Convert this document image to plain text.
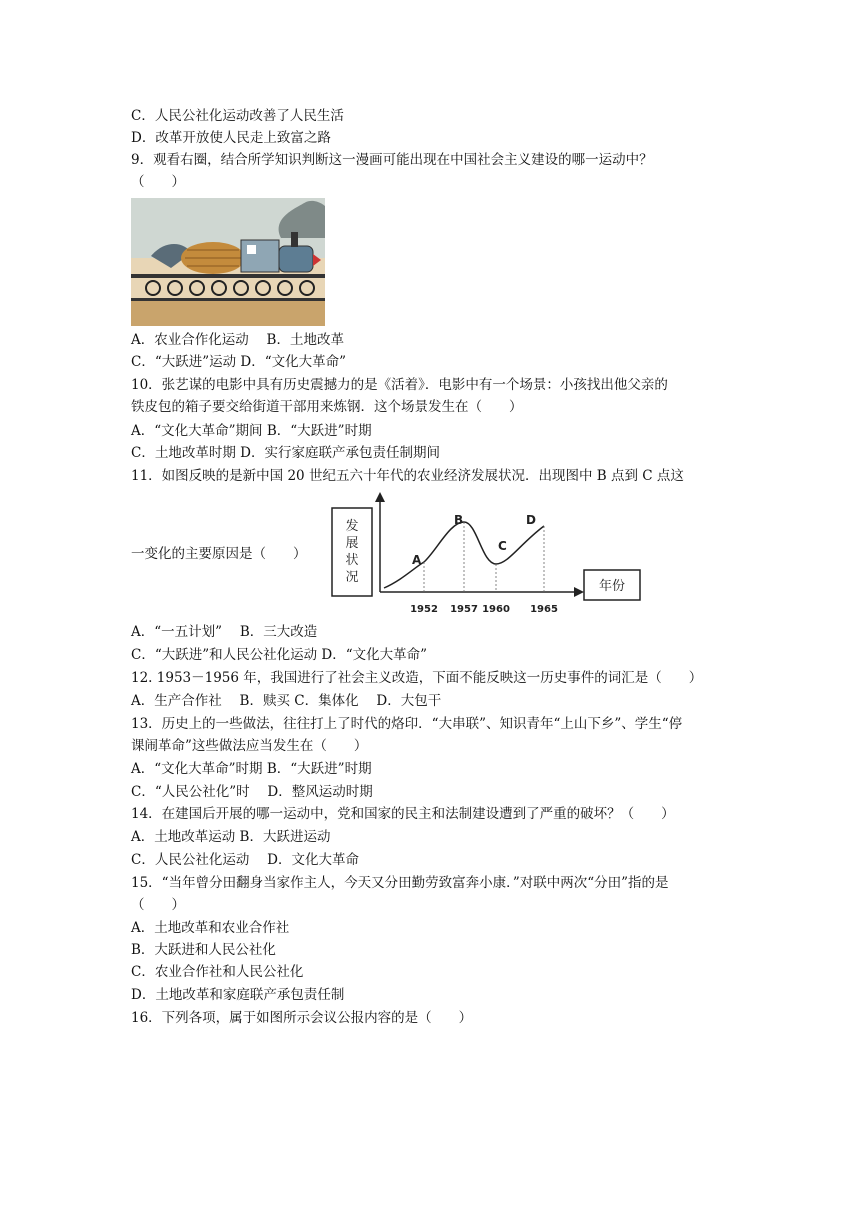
C．人民公社化运动改善了人民生活
D．改革开放使人民走上致富之路
9．观看右圈，结合所学知识判断这一漫画可能出现在中国社会主义建设的哪一运动中？
（　　）
A．农业合作化运动　 B．土地改革
C．“大跃进”运动 D．“文化大革命”
10．张艺谋的电影中具有历史震撼力的是《活着》．电影中有一个场景：小孩找出他父亲的
铁皮包的箱子要交给街道干部用来炼钢．这个场景发生在（　　）
A．“文化大革命”期间 B．“大跃进”时期
C．土地改革时期 D．实行家庭联产承包责任制期间
11．如图反映的是新中国 20 世纪五六十年代的农业经济发展状况．出现图中 B 点到 C 点这
一变化的主要原因是（　　）
发
展
状
况
年份
A
B
C
D
1952 1957 1960 1965
A．“一五计划”　 B．三大改造
C．“大跃进”和人民公社化运动 D．“文化大革命”
12. 1953－1956 年，我国进行了社会主义改造，下面不能反映这一历史事件的词汇是（　　）
A．生产合作社　 B．赎买 C．集体化　 D．大包干
13．历史上的一些做法，往往打上了时代的烙印．“大串联”、知识青年“上山下乡”、学生“停
课闹革命”这些做法应当发生在（　　）
A．“文化大革命”时期 B．“大跃进”时期
C．“人民公社化”时　 D．整风运动时期
14．在建国后开展的哪一运动中，党和国家的民主和法制建设遭到了严重的破坏？（　　）
A．土地改革运动 B．大跃进运动
C．人民公社化运动　 D．文化大革命
15．“当年曾分田翻身当家作主人，今天又分田勤劳致富奔小康．”对联中两次“分田”指的是
（　　）
A．土地改革和农业合作社
B．大跃进和人民公社化
C．农业合作社和人民公社化
D．土地改革和家庭联产承包责任制
16．下列各项，属于如图所示会议公报内容的是（　　）
